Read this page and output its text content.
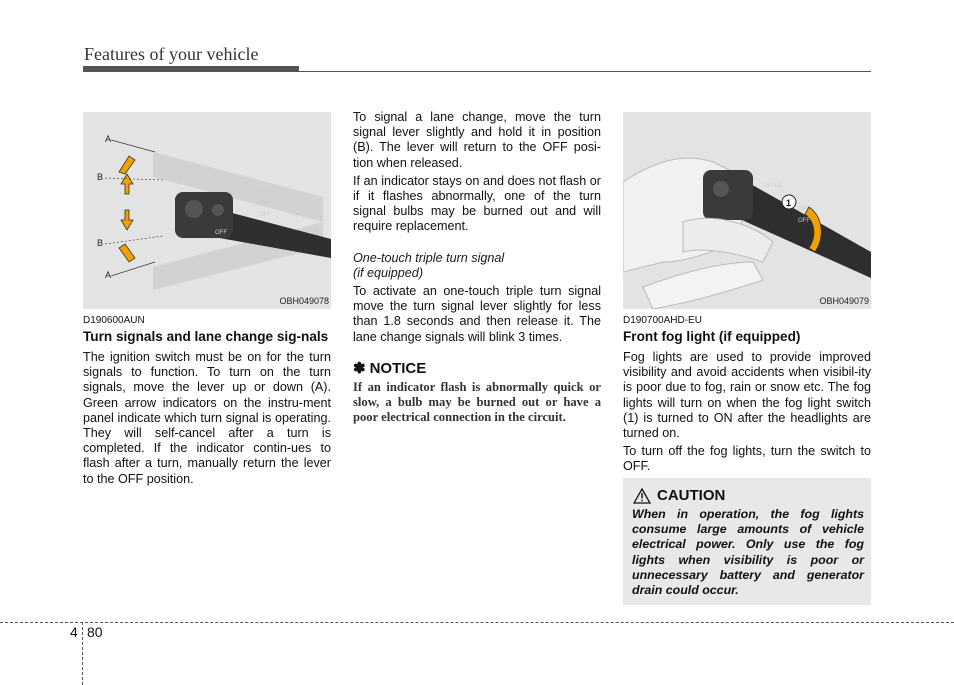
Features of your vehicle
AUTO
ON
OFF
OFF
A
B
B
A
OBH049078
D190600AUN
Turn signals and lane change sig-nals

The ignition switch must be on for the turn signals to function. To turn on the turn signals, move the lever up or down (A). Green arrow indicators on the instru-ment panel indicate which turn signal is operating. They will self-cancel after a turn is completed. If the indicator contin-ues to flash after a turn, manually return the lever to the OFF position.

To signal a lane change, move the turn signal lever slightly and hold it in position (B). The lever will return to the OFF posi-tion when released.

If an indicator stays on and does not flash or if it flashes abnormally, one of the turn signal bulbs may be burned out and will require replacement.

One-touch triple turn signal
(if equipped)

To activate an one-touch triple turn signal move the turn signal lever slightly for less than 1.8 seconds and then release it. The lane change signals will blink 3 times.

✽ NOTICE
If an indicator flash is abnormally quick or slow, a bulb may be burned out or have a poor electrical connection in the circuit.
1
AUTO
ON
OFF
OBH049079
D190700AHD-EU
Front fog light (if equipped)

Fog lights are used to provide improved visibility and avoid accidents when visibil-ity is poor due to fog, rain or snow etc. The fog lights will turn on when the fog light switch (1) is turned to ON after the headlights are turned on.

To turn off the fog lights, turn the switch to OFF.

CAUTION
When in operation, the fog lights consume large amounts of vehicle electrical power. Only use the fog lights when visibility is poor or unnecessary battery and generator drain could occur.
4 80
